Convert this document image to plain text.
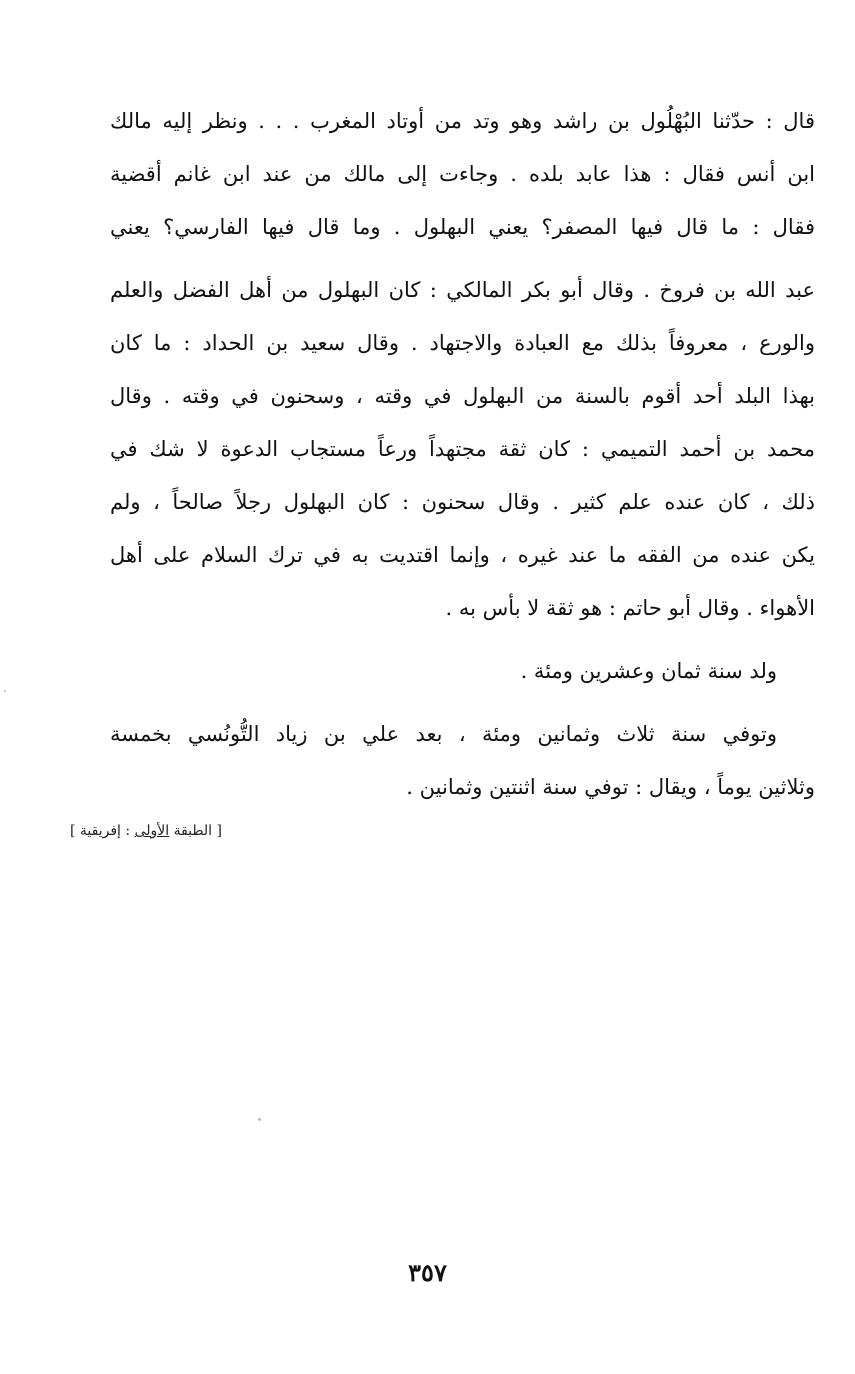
قال : حدّثنا البُهْلُول بن راشد وهو وتد من أوتاد المغرب . . . ونظر إليه مالك
ابن أنس فقال : هذا عابد بلده . وجاءت إلى مالك من عند ابن غانم أقضية
فقال : ما قال فيها المصفر؟ يعني البهلول . وما قال فيها الفارسي؟ يعني
عبد الله بن فروخ . وقال أبو بكر المالكي : كان البهلول من أهل الفضل والعلم
والورع ، معروفاً بذلك مع العبادة والاجتهاد . وقال سعيد بن الحداد : ما كان
بهذا البلد أحد أقوم بالسنة من البهلول في وقته ، وسحنون في وقته . وقال
محمد بن أحمد التميمي : كان ثقة مجتهداً ورعاً مستجاب الدعوة لا شك في
ذلك ، كان عنده علم كثير . وقال سحنون : كان البهلول رجلاً صالحاً ، ولم
يكن عنده من الفقه ما عند غيره ، وإنما اقتديت به في ترك السلام على أهل
الأهواء . وقال أبو حاتم : هو ثقة لا بأس به .
ولد سنة ثمان وعشرين ومئة .
وتوفي سنة ثلاث وثمانين ومئة ، بعد علي بن زياد التُّونُسي بخمسة
وثلاثين يوماً ، ويقال : توفي سنة اثنتين وثمانين .
[ الطبقة الأولى : إفريقية ]
٣٥٧
